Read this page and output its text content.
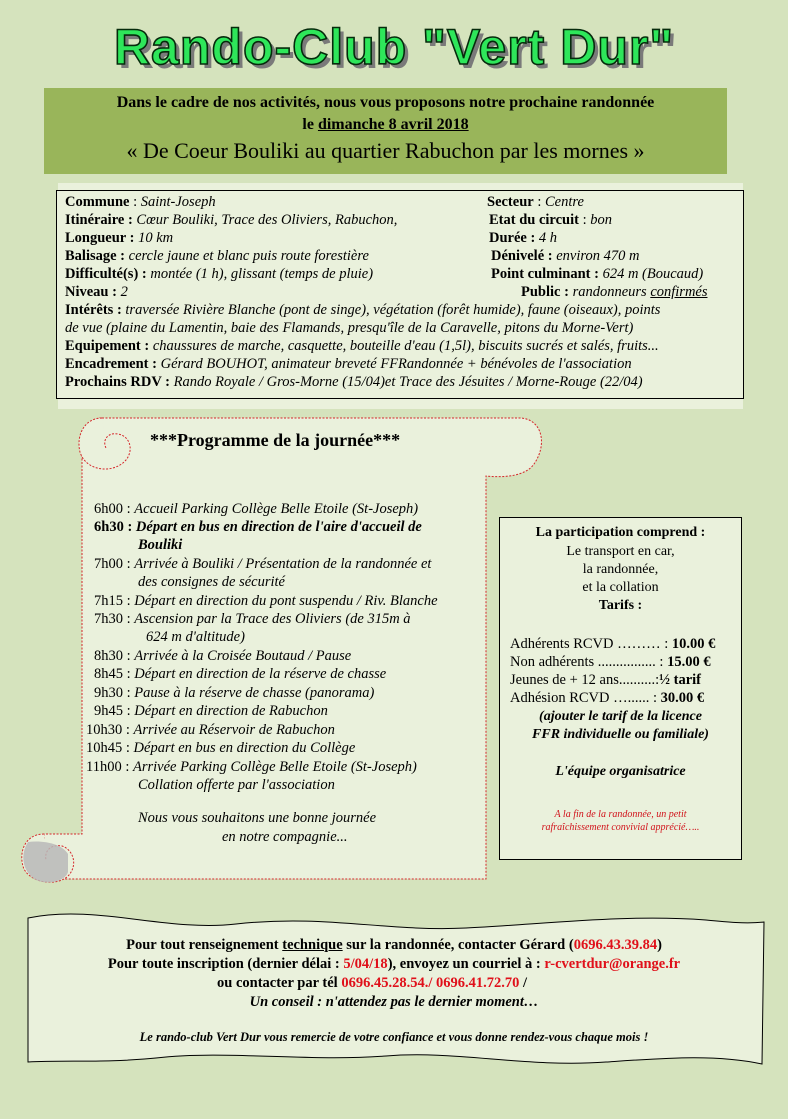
Rando-Club "Vert Dur"
Dans le cadre de nos activités, nous vous proposons notre prochaine randonnée
le dimanche 8 avril 2018
« De Coeur Bouliki au quartier Rabuchon par les mornes »
Commune : Saint-Joseph	Secteur : Centre
Itinéraire : Cœur Bouliki, Trace des Oliviers, Rabuchon,	Etat du circuit : bon
Longueur : 10 km	Durée : 4 h
Balisage : cercle jaune et blanc puis route forestière	Dénivelé : environ 470 m
Difficulté(s) : montée (1 h), glissant (temps de pluie)	Point culminant : 624 m (Boucaud)
Niveau : 2	Public : randonneurs confirmés
Intérêts : traversée Rivière Blanche (pont de singe), végétation (forêt humide), faune (oiseaux), points
de vue (plaine du Lamentin, baie des Flamands, presqu'île de la Caravelle, pitons du Morne-Vert)
Equipement : chaussures de marche, casquette, bouteille d'eau (1,5l), biscuits sucrés et salés, fruits...
Encadrement : Gérard BOUHOT, animateur breveté FFRandonnée + bénévoles de l'association
Prochains RDV : Rando Royale / Gros-Morne (15/04)et Trace des Jésuites / Morne-Rouge (22/04)
***Programme de la journée***
6h00 : Accueil Parking Collège Belle Etoile (St-Joseph)
6h30 : Départ en bus en direction de l'aire d'accueil de
Bouliki
7h00 : Arrivée à Bouliki / Présentation de la randonnée et
des consignes de sécurité
7h15 : Départ en direction du pont suspendu / Riv. Blanche
7h30 : Ascension par la Trace des Oliviers (de 315m à
624 m d'altitude)
8h30 : Arrivée à la Croisée Boutaud / Pause
8h45 : Départ en direction de la réserve de chasse
9h30 : Pause à la réserve de chasse (panorama)
9h45 : Départ en direction de Rabuchon
10h30 : Arrivée au Réservoir de Rabuchon
10h45 : Départ en bus en direction du Collège
11h00 : Arrivée Parking Collège Belle Etoile (St-Joseph)
Collation offerte par l'association
Nous vous souhaitons une bonne journée
en notre compagnie...
La participation comprend :
Le transport en car,
la randonnée,
et la collation
Tarifs :
Adhérents RCVD ……… : 10.00 €
Non adhérents ................ : 15.00 €
Jeunes de + 12 ans..........:½ tarif
Adhésion RCVD …...... : 30.00 €
(ajouter le tarif de la licence
FFR individuelle ou familiale)
L'équipe organisatrice
A la fin de la randonnée, un petit
rafraîchissement convivial apprécié…..
Pour tout renseignement technique sur la randonnée, contacter Gérard (0696.43.39.84)
Pour toute inscription (dernier délai : 5/04/18), envoyez un courriel à : r-cvertdur@orange.fr
ou contacter par tél 0696.45.28.54./ 0696.41.72.70 /
Un conseil : n'attendez pas le dernier moment…
Le rando-club Vert Dur vous remercie de votre confiance et vous donne rendez-vous chaque mois !
